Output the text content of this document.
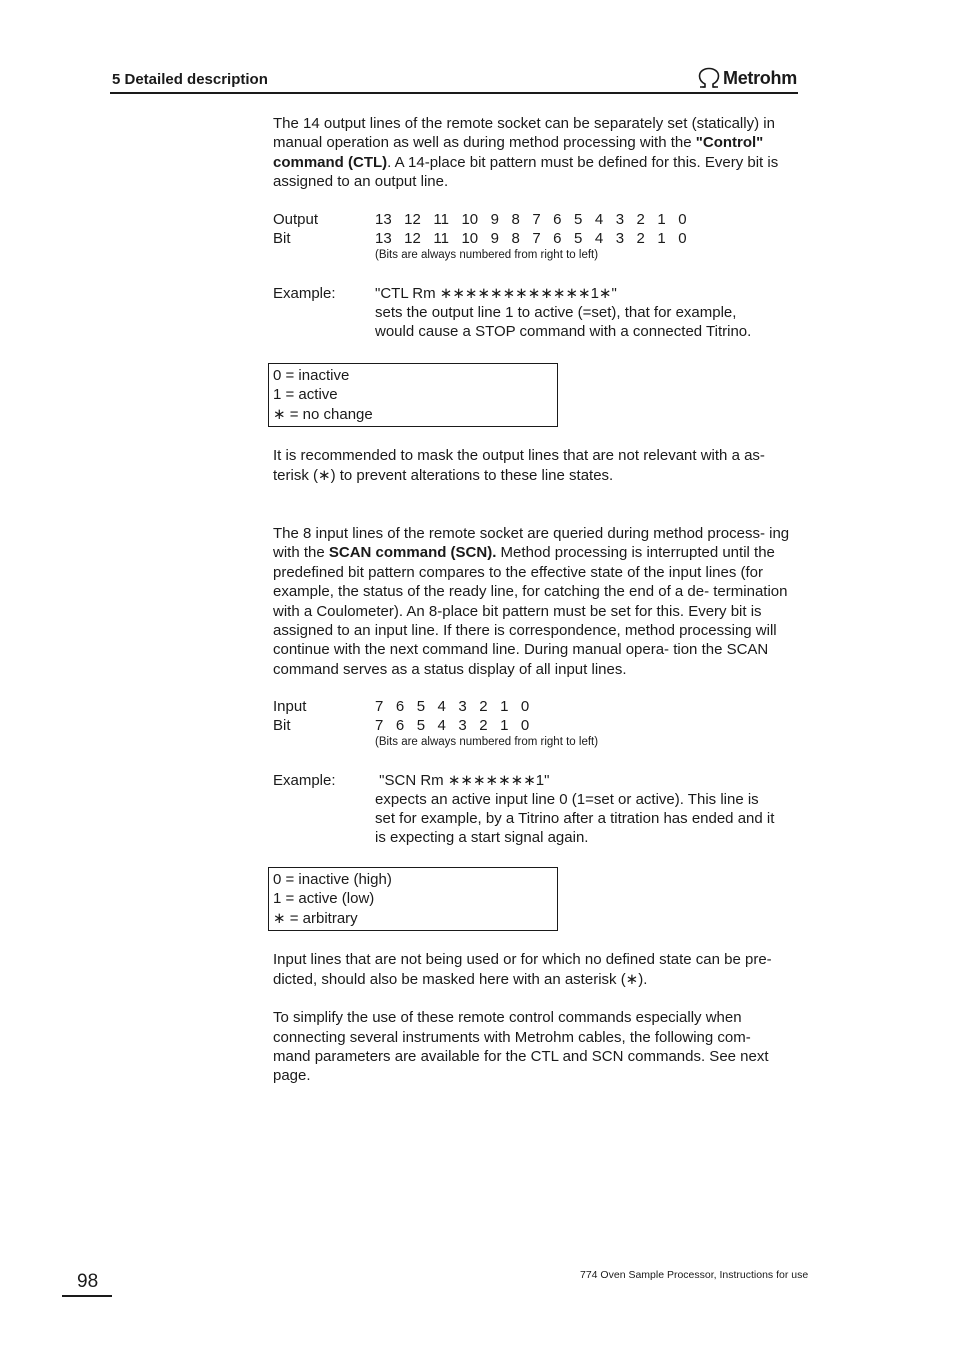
5 Detailed description	Metrohm
The 14 output lines of the remote socket can be separately set (statically) in manual operation as well as during method processing with the "Control" command (CTL). A 14-place bit pattern must be defined for this. Every bit is assigned to an output line.
Output	13   12   11   10   9   8   7   6   5   4   3   2   1   0
Bit	13   12   11   10   9   8   7   6   5   4   3   2   1   0
(Bits are always numbered from right to left)
Example:	"CTL Rm ∗∗∗∗∗∗∗∗∗∗∗∗1∗"
sets the output line 1 to active (=set), that for example,
would cause a STOP command with a connected Titrino.
0 = inactive
1 = active
∗ = no change
It is recommended to mask the output lines that are not relevant with a as-
terisk (∗) to prevent alterations to these line states.
The 8 input lines of the remote socket are queried during method process- ing with the SCAN command (SCN). Method processing is interrupted until the predefined bit pattern compares to the effective state of the input lines (for example, the status of the ready line, for catching the end of a de- termination with a Coulometer). An 8-place bit pattern must be set for this. Every bit is assigned to an input line. If there is correspondence, method processing will continue with the next command line. During manual opera- tion the SCAN command serves as a status display of all input lines.
Input	7   6   5   4   3   2   1   0
Bit	7   6   5   4   3   2   1   0
(Bits are always numbered from right to left)
Example:	"SCN Rm ∗∗∗∗∗∗∗1"
expects an active input line 0 (1=set or active). This line is
set for example, by a Titrino after a titration has ended and it
is expecting a start signal again.
0 = inactive (high)
1 = active (low)
∗ = arbitrary
Input lines that are not being used or for which no defined state can be pre-
dicted, should also be masked here with an asterisk (∗).
To simplify the use of these remote control commands especially when
connecting several instruments with Metrohm cables, the following com-
mand parameters are available for the CTL and SCN commands. See next
page.
98	774 Oven Sample Processor, Instructions for use
